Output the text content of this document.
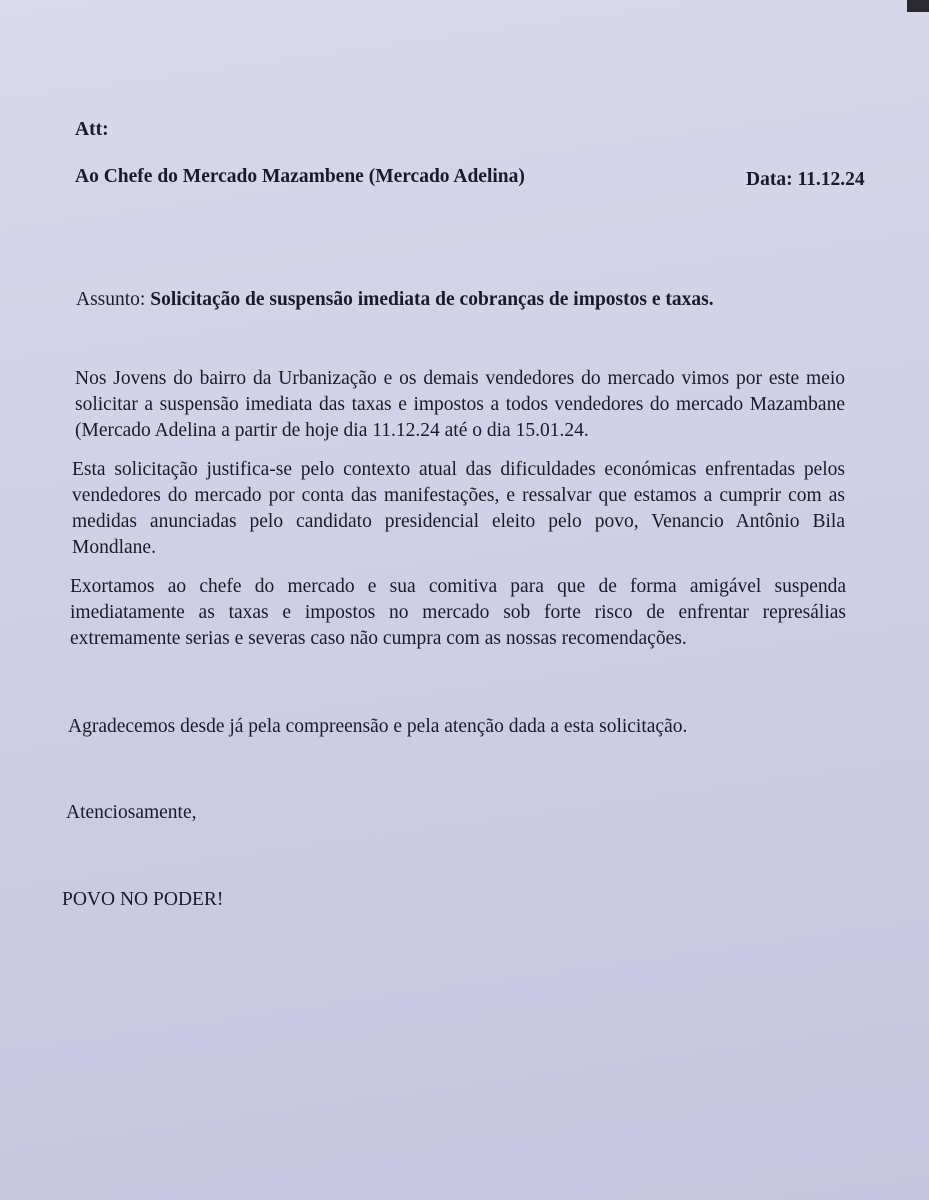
Att:

Ao Chefe do Mercado Mazambene (Mercado Adelina)	Data: 11.12.24

Assunto: Solicitação de suspensão imediata de cobranças de impostos e taxas.

Nos Jovens do bairro da Urbanização e os demais vendedores do mercado vimos por este meio solicitar a suspensão imediata das taxas e impostos a todos vendedores do mercado Mazambane (Mercado Adelina a partir de hoje dia 11.12.24 até o dia 15.01.24.

Esta solicitação justifica-se pelo contexto atual das dificuldades económicas enfrentadas pelos vendedores do mercado por conta das manifestações, e ressalvar que estamos a cumprir com as medidas anunciadas pelo candidato presidencial eleito pelo povo, Venancio Antônio Bila Mondlane.

Exortamos ao chefe do mercado e sua comitiva para que de forma amigável suspenda imediatamente as taxas e impostos no mercado sob forte risco de enfrentar represálias extremamente serias e severas caso não cumpra com as nossas recomendações.

Agradecemos desde já pela compreensão e pela atenção dada a esta solicitação.

Atenciosamente,

POVO NO PODER!
